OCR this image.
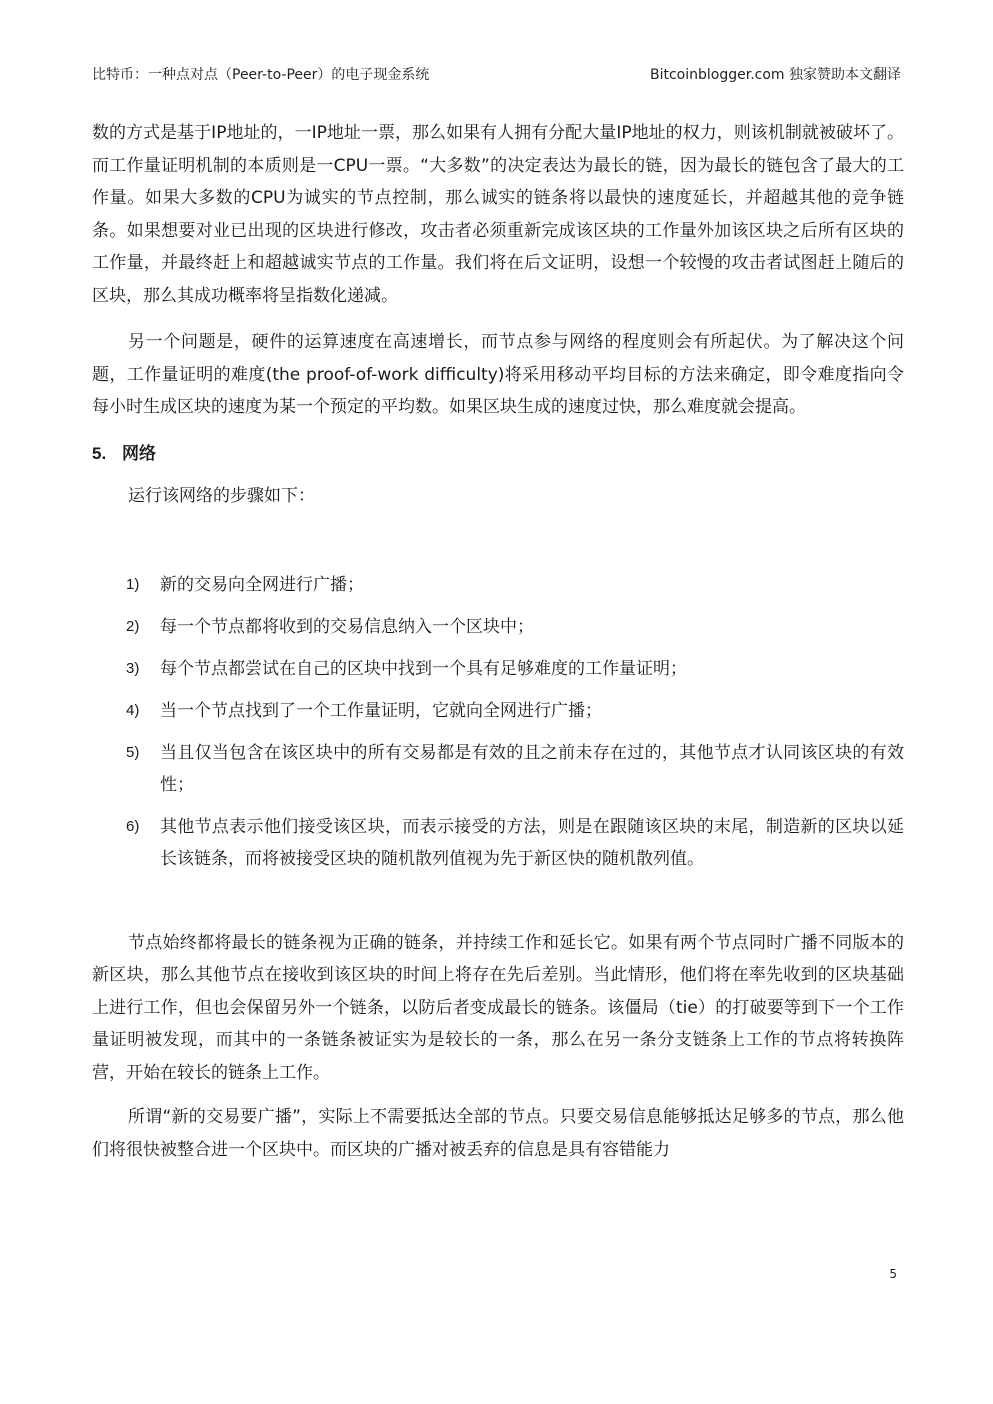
比特币：一种点对点（Peer-to-Peer）的电子现金系统	Bitcoinblogger.com 独家赞助本文翻译

数的方式是基于IP地址的，一IP地址一票，那么如果有人拥有分配大量IP地址的权力，则该机制就被破坏了。而工作量证明机制的本质则是一CPU一票。“大多数”的决定表达为最长的链，因为最长的链包含了最大的工作量。如果大多数的CPU为诚实的节点控制，那么诚实的链条将以最快的速度延长，并超越其他的竞争链条。如果想要对业已出现的区块进行修改，攻击者必须重新完成该区块的工作量外加该区块之后所有区块的工作量，并最终赶上和超越诚实节点的工作量。我们将在后文证明，设想一个较慢的攻击者试图赶上随后的区块，那么其成功概率将呈指数化递减。

另一个问题是，硬件的运算速度在高速增长，而节点参与网络的程度则会有所起伏。为了解决这个问题，工作量证明的难度(the proof-of-work difficulty)将采用移动平均目标的方法来确定，即令难度指向令每小时生成区块的速度为某一个预定的平均数。如果区块生成的速度过快，那么难度就会提高。

5. 网络

运行该网络的步骤如下：

1)	新的交易向全网进行广播；
2)	每一个节点都将收到的交易信息纳入一个区块中；
3)	每个节点都尝试在自己的区块中找到一个具有足够难度的工作量证明；
4)	当一个节点找到了一个工作量证明，它就向全网进行广播；
5)	当且仅当包含在该区块中的所有交易都是有效的且之前未存在过的，其他节点才认同该区块的有效性；
6)	其他节点表示他们接受该区块，而表示接受的方法，则是在跟随该区块的末尾，制造新的区块以延长该链条，而将被接受区块的随机散列值视为先于新区快的随机散列值。

节点始终都将最长的链条视为正确的链条，并持续工作和延长它。如果有两个节点同时广播不同版本的新区块，那么其他节点在接收到该区块的时间上将存在先后差别。当此情形，他们将在率先收到的区块基础上进行工作，但也会保留另外一个链条，以防后者变成最长的链条。该僵局（tie）的打破要等到下一个工作量证明被发现，而其中的一条链条被证实为是较长的一条，那么在另一条分支链条上工作的节点将转换阵营，开始在较长的链条上工作。

所谓“新的交易要广播”，实际上不需要抵达全部的节点。只要交易信息能够抵达足够多的节点，那么他们将很快被整合进一个区块中。而区块的广播对被丢弃的信息是具有容错能力

5
